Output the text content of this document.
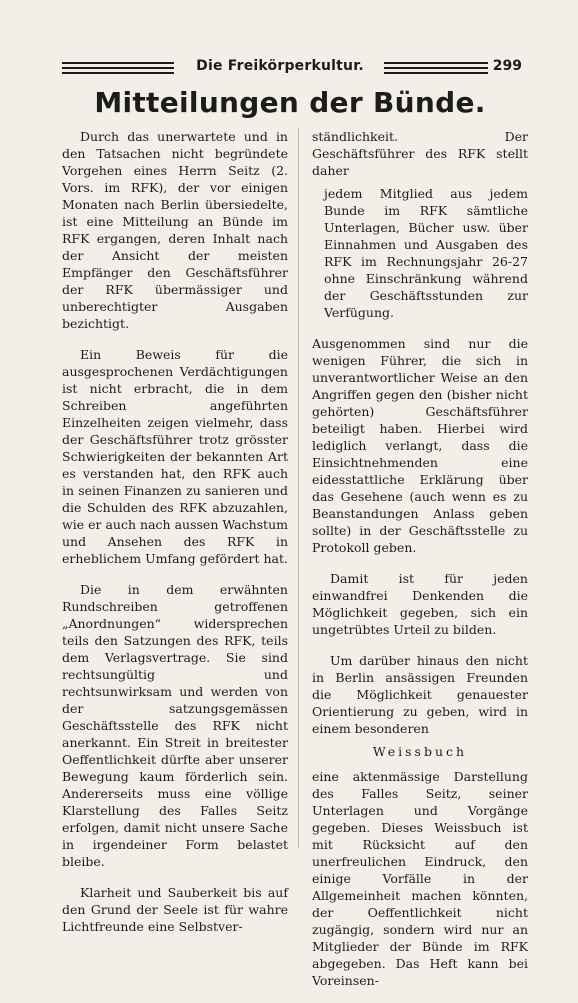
Die Freikörperkultur.	299
Mitteilungen der Bünde.

Durch das unerwartete und in den Tatsachen nicht begründete Vorgehen eines Herrn Seitz (2. Vors. im RFK), der vor einigen Monaten nach Berlin übersiedelte, ist eine Mitteilung an Bünde im RFK ergangen, deren Inhalt nach der Ansicht der meisten Empfänger den Geschäftsführer der RFK übermässiger und unberechtigter Ausgaben bezichtigt.

Ein Beweis für die ausgesprochenen Verdächtigungen ist nicht erbracht, die in dem Schreiben angeführten Einzelheiten zeigen vielmehr, dass der Geschäftsführer trotz grösster Schwierigkeiten der bekannten Art es verstanden hat, den RFK auch in seinen Finanzen zu sanieren und die Schulden des RFK abzuzahlen, wie er auch nach aussen Wachstum und Ansehen des RFK in erheblichem Umfang gefördert hat.

Die in dem erwähnten Rundschreiben getroffenen „Anordnungen“ widersprechen teils den Satzungen des RFK, teils dem Verlagsvertrage. Sie sind rechtsungültig und rechtsunwirksam und werden von der satzungsgemässen Geschäftsstelle des RFK nicht anerkannt. Ein Streit in breitester Oeffentlichkeit dürfte aber unserer Bewegung kaum förderlich sein. Andererseits muss eine völlige Klarstellung des Falles Seitz erfolgen, damit nicht unsere Sache in irgendeiner Form belastet bleibe.

Klarheit und Sauberkeit bis auf den Grund der Seele ist für wahre Lichtfreunde eine Selbstver-

ständlichkeit. Der Geschäftsführer des RFK stellt daher

jedem Mitglied aus jedem Bunde im RFK sämtliche Unterlagen, Bücher usw. über Einnahmen und Ausgaben des RFK im Rechnungsjahr 26-27 ohne Einschränkung während der Geschäftsstunden zur Verfügung.

Ausgenommen sind nur die wenigen Führer, die sich in unverantwortlicher Weise an den Angriffen gegen den (bisher nicht gehörten) Geschäftsführer beteiligt haben. Hierbei wird lediglich verlangt, dass die Einsichtnehmenden eine eidesstattliche Erklärung über das Gesehene (auch wenn es zu Beanstandungen Anlass geben sollte) in der Geschäftsstelle zu Protokoll geben.

Damit ist für jeden einwandfrei Denkenden die Möglichkeit gegeben, sich ein ungetrübtes Urteil zu bilden.

Um darüber hinaus den nicht in Berlin ansässigen Freunden die Möglichkeit genauester Orientierung zu geben, wird in einem besonderen

Weissbuch

eine aktenmässige Darstellung des Falles Seitz, seiner Unterlagen und Vorgänge gegeben. Dieses Weissbuch ist mit Rücksicht auf den unerfreulichen Eindruck, den einige Vorfälle in der Allgemeinheit machen könnten, der Oeffentlichkeit nicht zugängig, sondern wird nur an Mitglieder der Bünde im RFK abgegeben. Das Heft kann bei Voreinsen-
